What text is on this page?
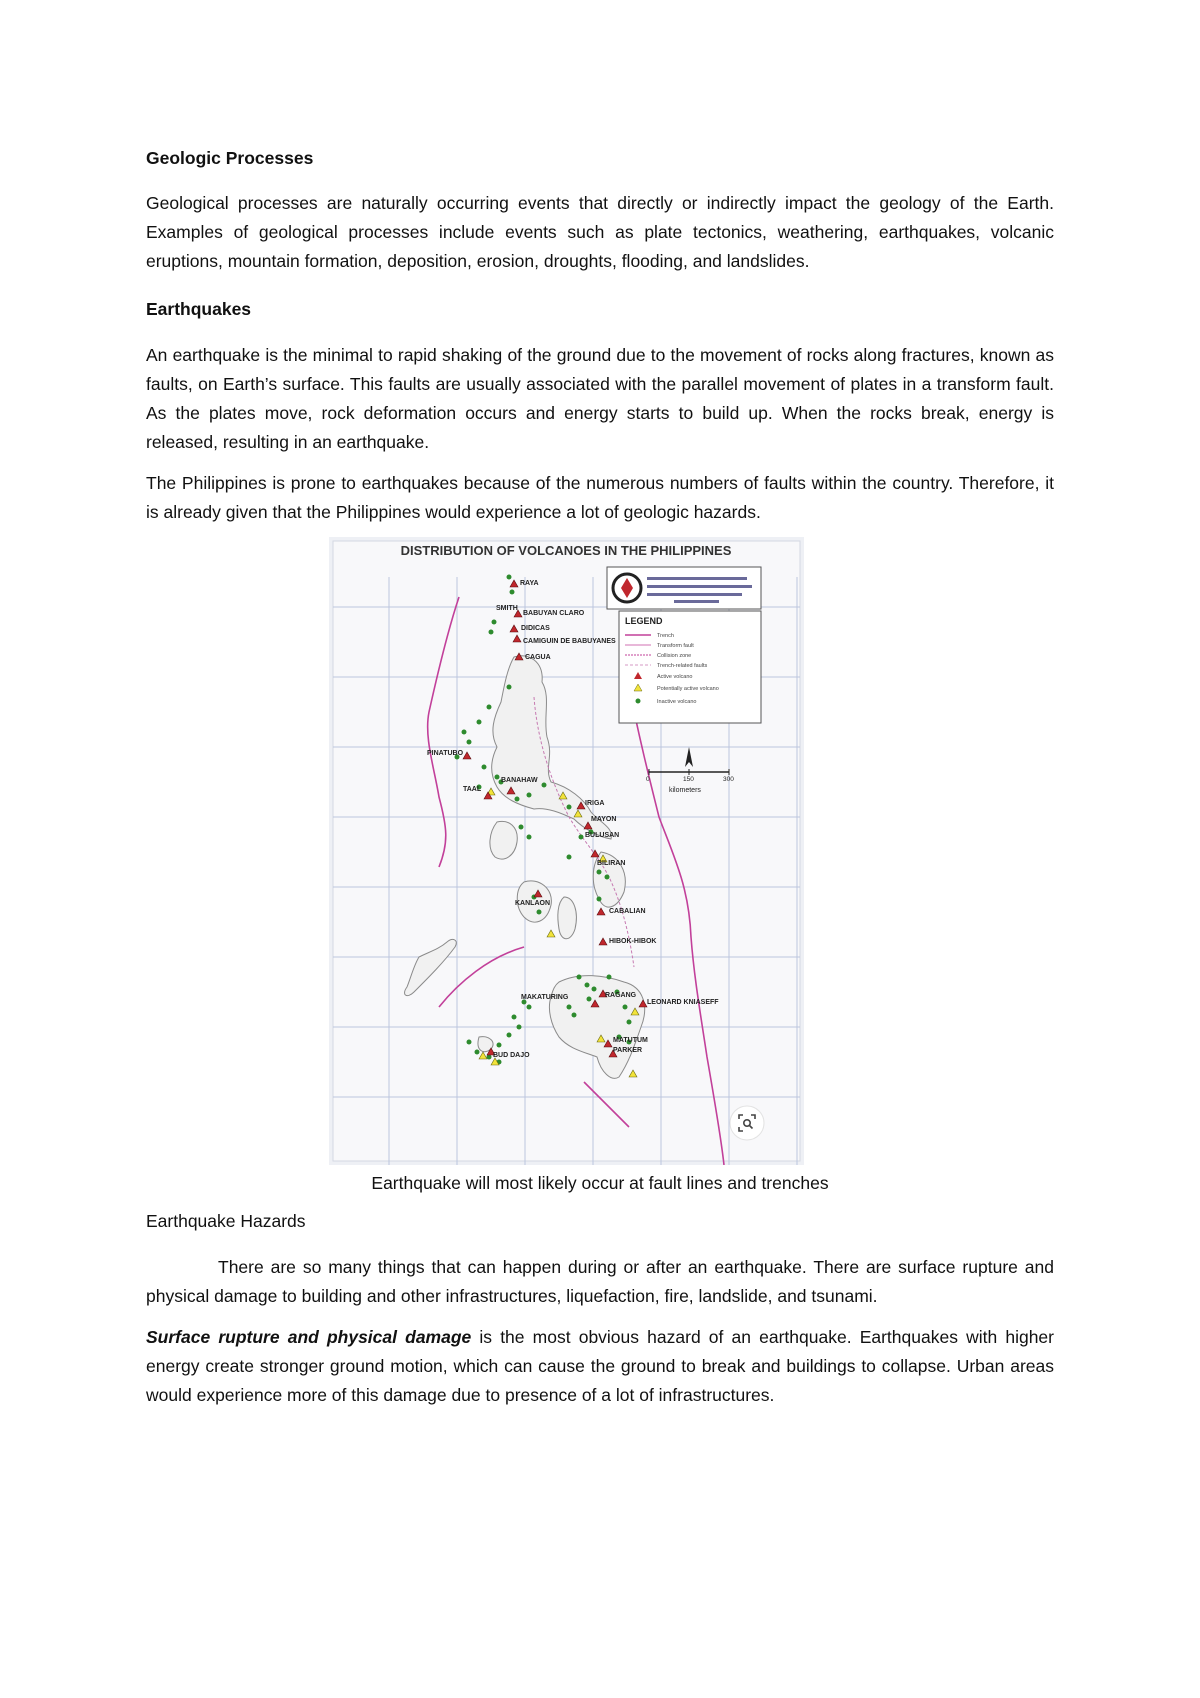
Geologic Processes

Geological processes are naturally occurring events that directly or indirectly impact the geology of the Earth. Examples of geological processes include events such as plate tectonics, weathering, earthquakes, volcanic eruptions, mountain formation, deposition, erosion, droughts, flooding, and landslides.

Earthquakes

An earthquake is the minimal to rapid shaking of the ground due to the movement of rocks along fractures, known as faults, on Earth’s surface. This faults are usually associated with the parallel movement of plates in a transform fault. As the plates move, rock deformation occurs and energy starts to build up. When the rocks break, energy is released, resulting in an earthquake.

The Philippines is prone to earthquakes because of the numerous numbers of faults within the country. Therefore, it is already given that the Philippines would experience a lot of geologic hazards.

DISTRIBUTION OF VOLCANOES IN THE PHILIPPINES
RAYA
SMITH
BABUYAN CLARO
DIDICAS
CAMIGUIN DE BABUYANES
CAGUA
PINATUBO
TAAL
BANAHAW
IRIGA
MAYON
BULUSAN
BILIRAN
KANLAON
CABALIAN
HIBOK-HIBOK
RAGANG
MAKATURING
LEONARD KNIASEFF
MATUTUM
PARKER
BUD DAJO
LEGEND
Trench
Transform fault
Collision zone
Trench-related faults
Active volcano
Potentially active volcano
Inactive volcano
0	150	300
kilometers
Earthquake will most likely occur at fault lines and trenches
Earthquake Hazards

There are so many things that can happen during or after an earthquake. There are surface rupture and physical damage to building and other infrastructures, liquefaction, fire, landslide, and tsunami.

Surface rupture and physical damage is the most obvious hazard of an earthquake. Earthquakes with higher energy create stronger ground motion, which can cause the ground to break and buildings to collapse. Urban areas would experience more of this damage due to presence of a lot of infrastructures.
